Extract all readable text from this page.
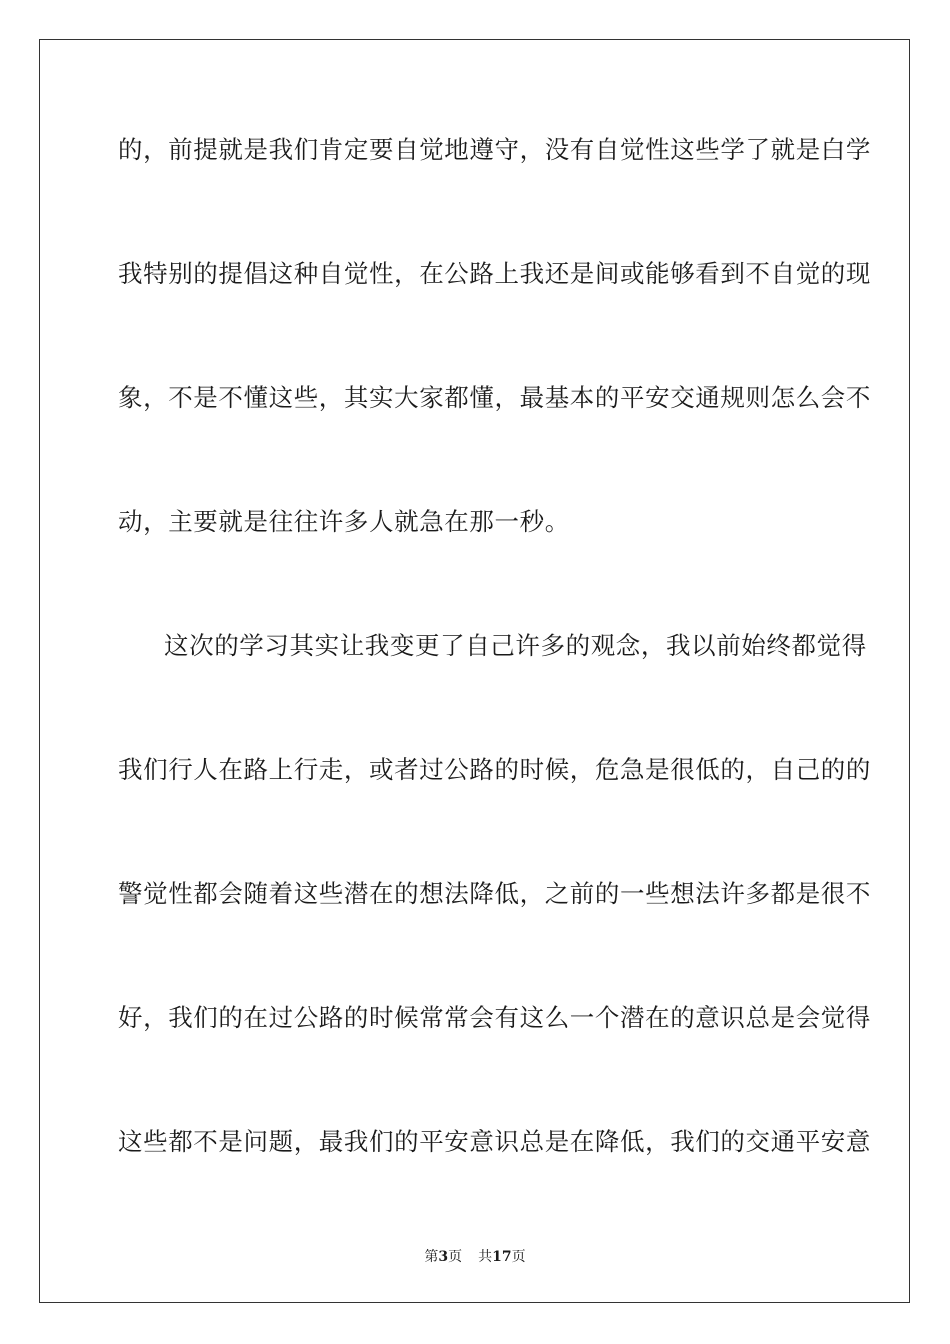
的，前提就是我们肯定要自觉地遵守，没有自觉性这些学了就是白学
我特别的提倡这种自觉性，在公路上我还是间或能够看到不自觉的现
象，不是不懂这些，其实大家都懂，最基本的平安交通规则怎么会不
动，主要就是往往许多人就急在那一秒。
这次的学习其实让我变更了自己许多的观念，我以前始终都觉得
我们行人在路上行走，或者过公路的时候，危急是很低的，自己的的
警觉性都会随着这些潜在的想法降低，之前的一些想法许多都是很不
好，我们的在过公路的时候常常会有这么一个潜在的意识总是会觉得
这些都不是问题，最我们的平安意识总是在降低，我们的交通平安意
第3页 共17页
